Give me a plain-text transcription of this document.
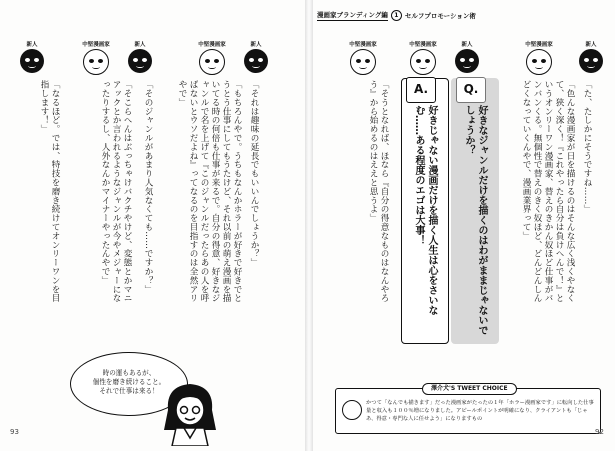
新人	中堅漫画家	新人	中堅漫画家	新人
「それは趣味の延長でもいいんでしょうか？」
「もちろんやで。うちもなんかホラーが好きで好きでとうとう仕事にしてもうたけど、それ以前の萌え漫画を描いてる時の何倍も仕事が来るで。自分の得意、好きなジャンルで名を上げて『このジャンルだったらあの人を呼ばないとウソだよね』ってなるのを目指すのは全然アリやで」
「そのジャンルがあまり人気なくても……ですか？」
「そこらへんはぶっちゃけバクチやけど、変態とかマニアックとか言われるようなジャンルが今やメジャーになったりするし、人外なんかマイナーやったんやで」
「なるほど。では、特技を磨き続けてオンリーワンを目指します！」
時の運もあるが、
個性を磨き続けること。
それで仕事は来る！
93
漫画家ブランディング編	1 セルフプロモーション術
中堅漫画家	中堅漫画家	新人	中堅漫画家	新人
「た、たしかにそうですね……」
「色んな漫画家が日を描けるのはそんな広く浅くやなくて、狭く深く！『これやったら自分は負けへんで！』というオンリーワン漫画家、替えのきかん奴ほど仕事がバンバンくる。無個性で替えのきく奴ほど、どんどんしんどくなっていくんやで、漫画業界って」
Q.
好きなジャンルだけを描くのはわがままじゃないでしょうか？
A.
好きじゃない漫画だけを描く人生は心をさいなむ……ある程度のエゴは大事！
「そうとなれば、ほなら『自分の得意なものはなんやろう』から始めるのはええと思うよ」
澤介犬'S TWEET CHOICE
かつて「なんでも描きます」だった漫画家がたったの１年「ホラー漫画家です」に転向した仕事量と収入も１００％増になりました。アピールポイントが明確になり、クライアントも「じゃあ、得意・専門な人に任せよう」になりますもの
92
